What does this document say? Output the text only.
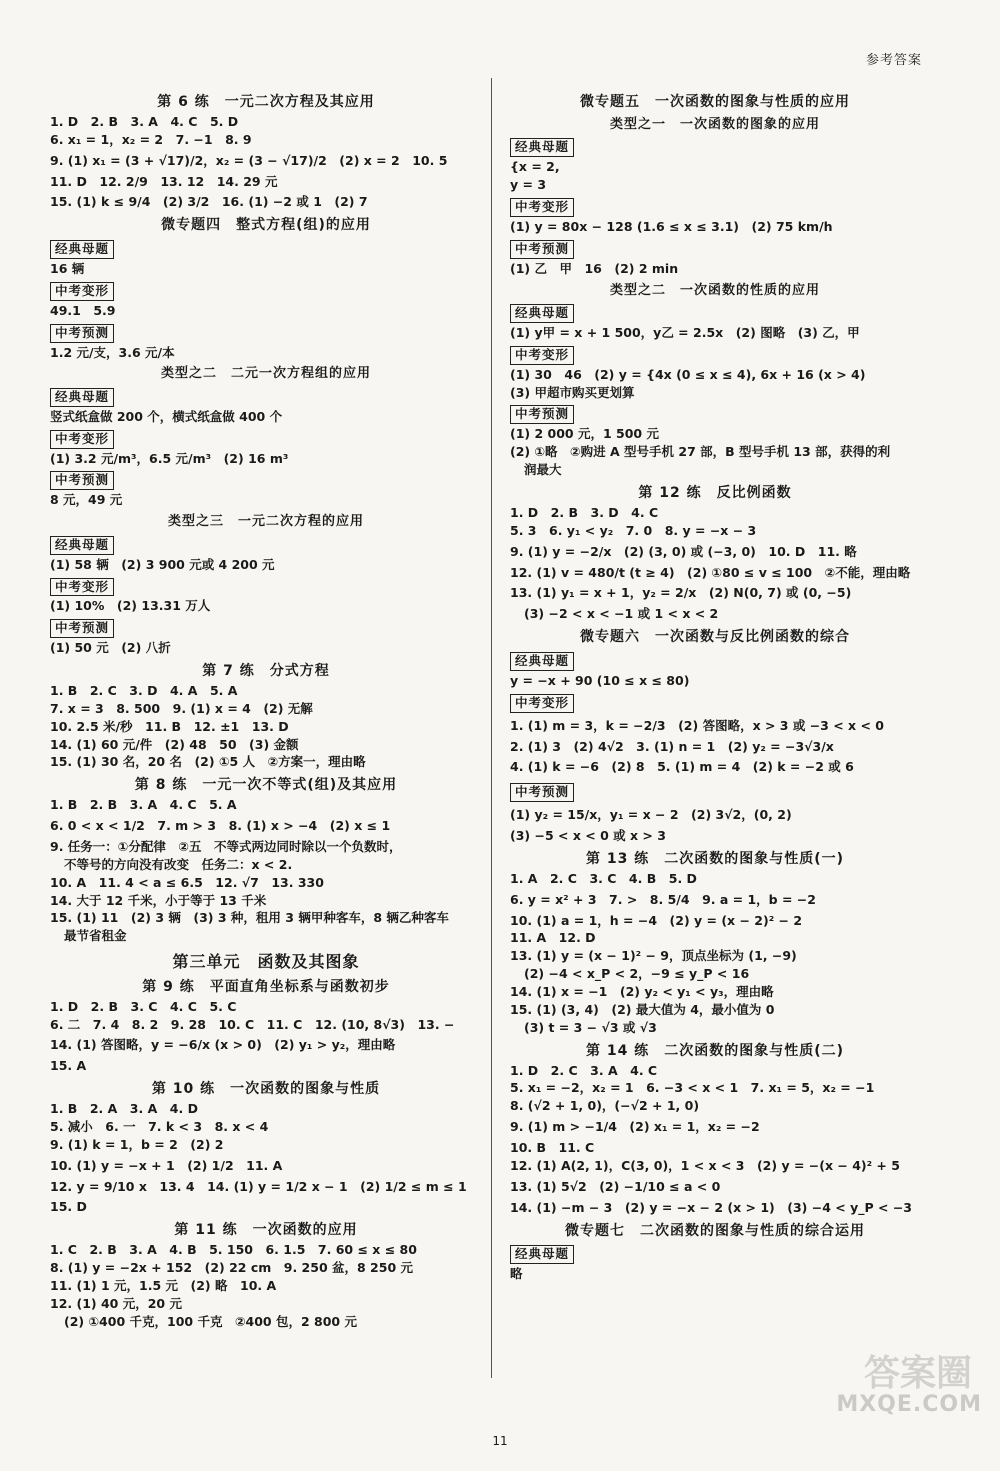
参考答案
第 6 练　一元二次方程及其应用
1. D　2. B　3. A　4. C　5. D
6. x₁ = 1，x₂ = 2　7. −1　8. 9
9. (1) x₁ = (3 + √17)/2，x₂ = (3 − √17)/2　(2) x = 2　10. 5
11. D　12. 2/9　13. 12　14. 29 元
15. (1) k ≤ 9/4　(2) 3/2　16. (1) −2 或 1　(2) 7
微专题四　整式方程(组)的应用
经典母题
16 辆
中考变形
49.1　5.9
中考预测
1.2 元/支，3.6 元/本
类型之二　二元一次方程组的应用
经典母题
竖式纸盒做 200 个，横式纸盒做 400 个
中考变形
(1) 3.2 元/m³，6.5 元/m³　(2) 16 m³
中考预测
8 元，49 元
类型之三　一元二次方程的应用
经典母题
(1) 58 辆　(2) 3 900 元或 4 200 元
中考变形
(1) 10%　(2) 13.31 万人
中考预测
(1) 50 元　(2) 八折
第 7 练　分式方程
1. B　2. C　3. D　4. A　5. A
7. x = 3　8. 500　9. (1) x = 4　(2) 无解
10. 2.5 米/秒　11. B　12. ±1　13. D
14. (1) 60 元/件　(2) 48　50　(3) 金额
15. (1) 30 名，20 名　(2) ①5 人　②方案一，理由略
第 8 练　一元一次不等式(组)及其应用
1. B　2. B　3. A　4. C　5. A
6. 0 < x < 1/2　7. m > 3　8. (1) x > −4　(2) x ≤ 1
9. 任务一：①分配律　②五　不等式两边同时除以一个负数时，
不等号的方向没有改变　任务二：x < 2.
10. A　11. 4 < a ≤ 6.5　12. √7　13. 330
14. 大于 12 千米，小于等于 13 千米
15. (1) 11　(2) 3 辆　(3) 3 种，租用 3 辆甲种客车，8 辆乙种客车
最节省租金
第三单元　函数及其图象
第 9 练　平面直角坐标系与函数初步
1. D　2. B　3. C　4. C　5. C
6. 二　7. 4　8. 2　9. 28　10. C　11. C　12. (10, 8√3)　13. −
14. (1) 答图略，y = −6/x (x > 0)　(2) y₁ > y₂，理由略
15. A
第 10 练　一次函数的图象与性质
1. B　2. A　3. A　4. D
5. 减小　6. 一　7. k < 3　8. x < 4
9. (1) k = 1，b = 2　(2) 2
10. (1) y = −x + 1　(2) 1/2　11. A
12. y = 9/10 x　13. 4　14. (1) y = 1/2 x − 1　(2) 1/2 ≤ m ≤ 1
15. D
第 11 练　一次函数的应用
1. C　2. B　3. A　4. B　5. 150　6. 1.5　7. 60 ≤ x ≤ 80
8. (1) y = −2x + 152　(2) 22 cm　9. 250 盆，8 250 元
11. (1) 1 元，1.5 元　(2) 略　10. A
12. (1) 40 元，20 元
(2) ①400 千克，100 千克　②400 包，2 800 元
微专题五　一次函数的图象与性质的应用
类型之一　一次函数的图象的应用
经典母题
{x = 2,
y = 3
中考变形
(1) y = 80x − 128 (1.6 ≤ x ≤ 3.1)　(2) 75 km/h
中考预测
(1) 乙　甲　16　(2) 2 min
类型之二　一次函数的性质的应用
经典母题
(1) y甲 = x + 1 500，y乙 = 2.5x　(2) 图略　(3) 乙，甲
中考变形
(1) 30　46　(2) y = {4x (0 ≤ x ≤ 4), 6x + 16 (x > 4)
(3) 甲超市购买更划算
中考预测
(1) 2 000 元，1 500 元
(2) ①略　②购进 A 型号手机 27 部，B 型号手机 13 部，获得的利
润最大
第 12 练　反比例函数
1. D　2. B　3. D　4. C
5. 3　6. y₁ < y₂　7. 0　8. y = −x − 3
9. (1) y = −2/x　(2) (3, 0) 或 (−3, 0)　10. D　11. 略
12. (1) v = 480/t (t ≥ 4)　(2) ①80 ≤ v ≤ 100　②不能，理由略
13. (1) y₁ = x + 1，y₂ = 2/x　(2) N(0, 7) 或 (0, −5)
(3) −2 < x < −1 或 1 < x < 2
微专题六　一次函数与反比例函数的综合
经典母题
y = −x + 90 (10 ≤ x ≤ 80)
中考变形
1. (1) m = 3，k = −2/3　(2) 答图略，x > 3 或 −3 < x < 0
2. (1) 3　(2) 4√2　3. (1) n = 1　(2) y₂ = −3√3/x
4. (1) k = −6　(2) 8　5. (1) m = 4　(2) k = −2 或 6
中考预测
(1) y₂ = 15/x，y₁ = x − 2　(2) 3√2，(0, 2)
(3) −5 < x < 0 或 x > 3
第 13 练　二次函数的图象与性质(一)
1. A　2. C　3. C　4. B　5. D
6. y = x² + 3　7. >　8. 5/4　9. a = 1，b = −2
10. (1) a = 1，h = −4　(2) y = (x − 2)² − 2
11. A　12. D
13. (1) y = (x − 1)² − 9，顶点坐标为 (1, −9)
(2) −4 < x_P < 2，−9 ≤ y_P < 16
14. (1) x = −1　(2) y₂ < y₁ < y₃，理由略
15. (1) (3, 4)　(2) 最大值为 4，最小值为 0
(3) t = 3 − √3 或 √3
第 14 练　二次函数的图象与性质(二)
1. D　2. C　3. A　4. C
5. x₁ = −2，x₂ = 1　6. −3 < x < 1　7. x₁ = 5，x₂ = −1
8. (√2 + 1, 0)，(−√2 + 1, 0)
9. (1) m > −1/4　(2) x₁ = 1，x₂ = −2
10. B　11. C
12. (1) A(2, 1)，C(3, 0)，1 < x < 3　(2) y = −(x − 4)² + 5
13. (1) 5√2　(2) −1/10 ≤ a < 0
14. (1) −m − 3　(2) y = −x − 2 (x > 1)　(3) −4 < y_P < −3
微专题七　二次函数的图象与性质的综合运用
经典母题
略
答案圈
MXQE.COM
11
